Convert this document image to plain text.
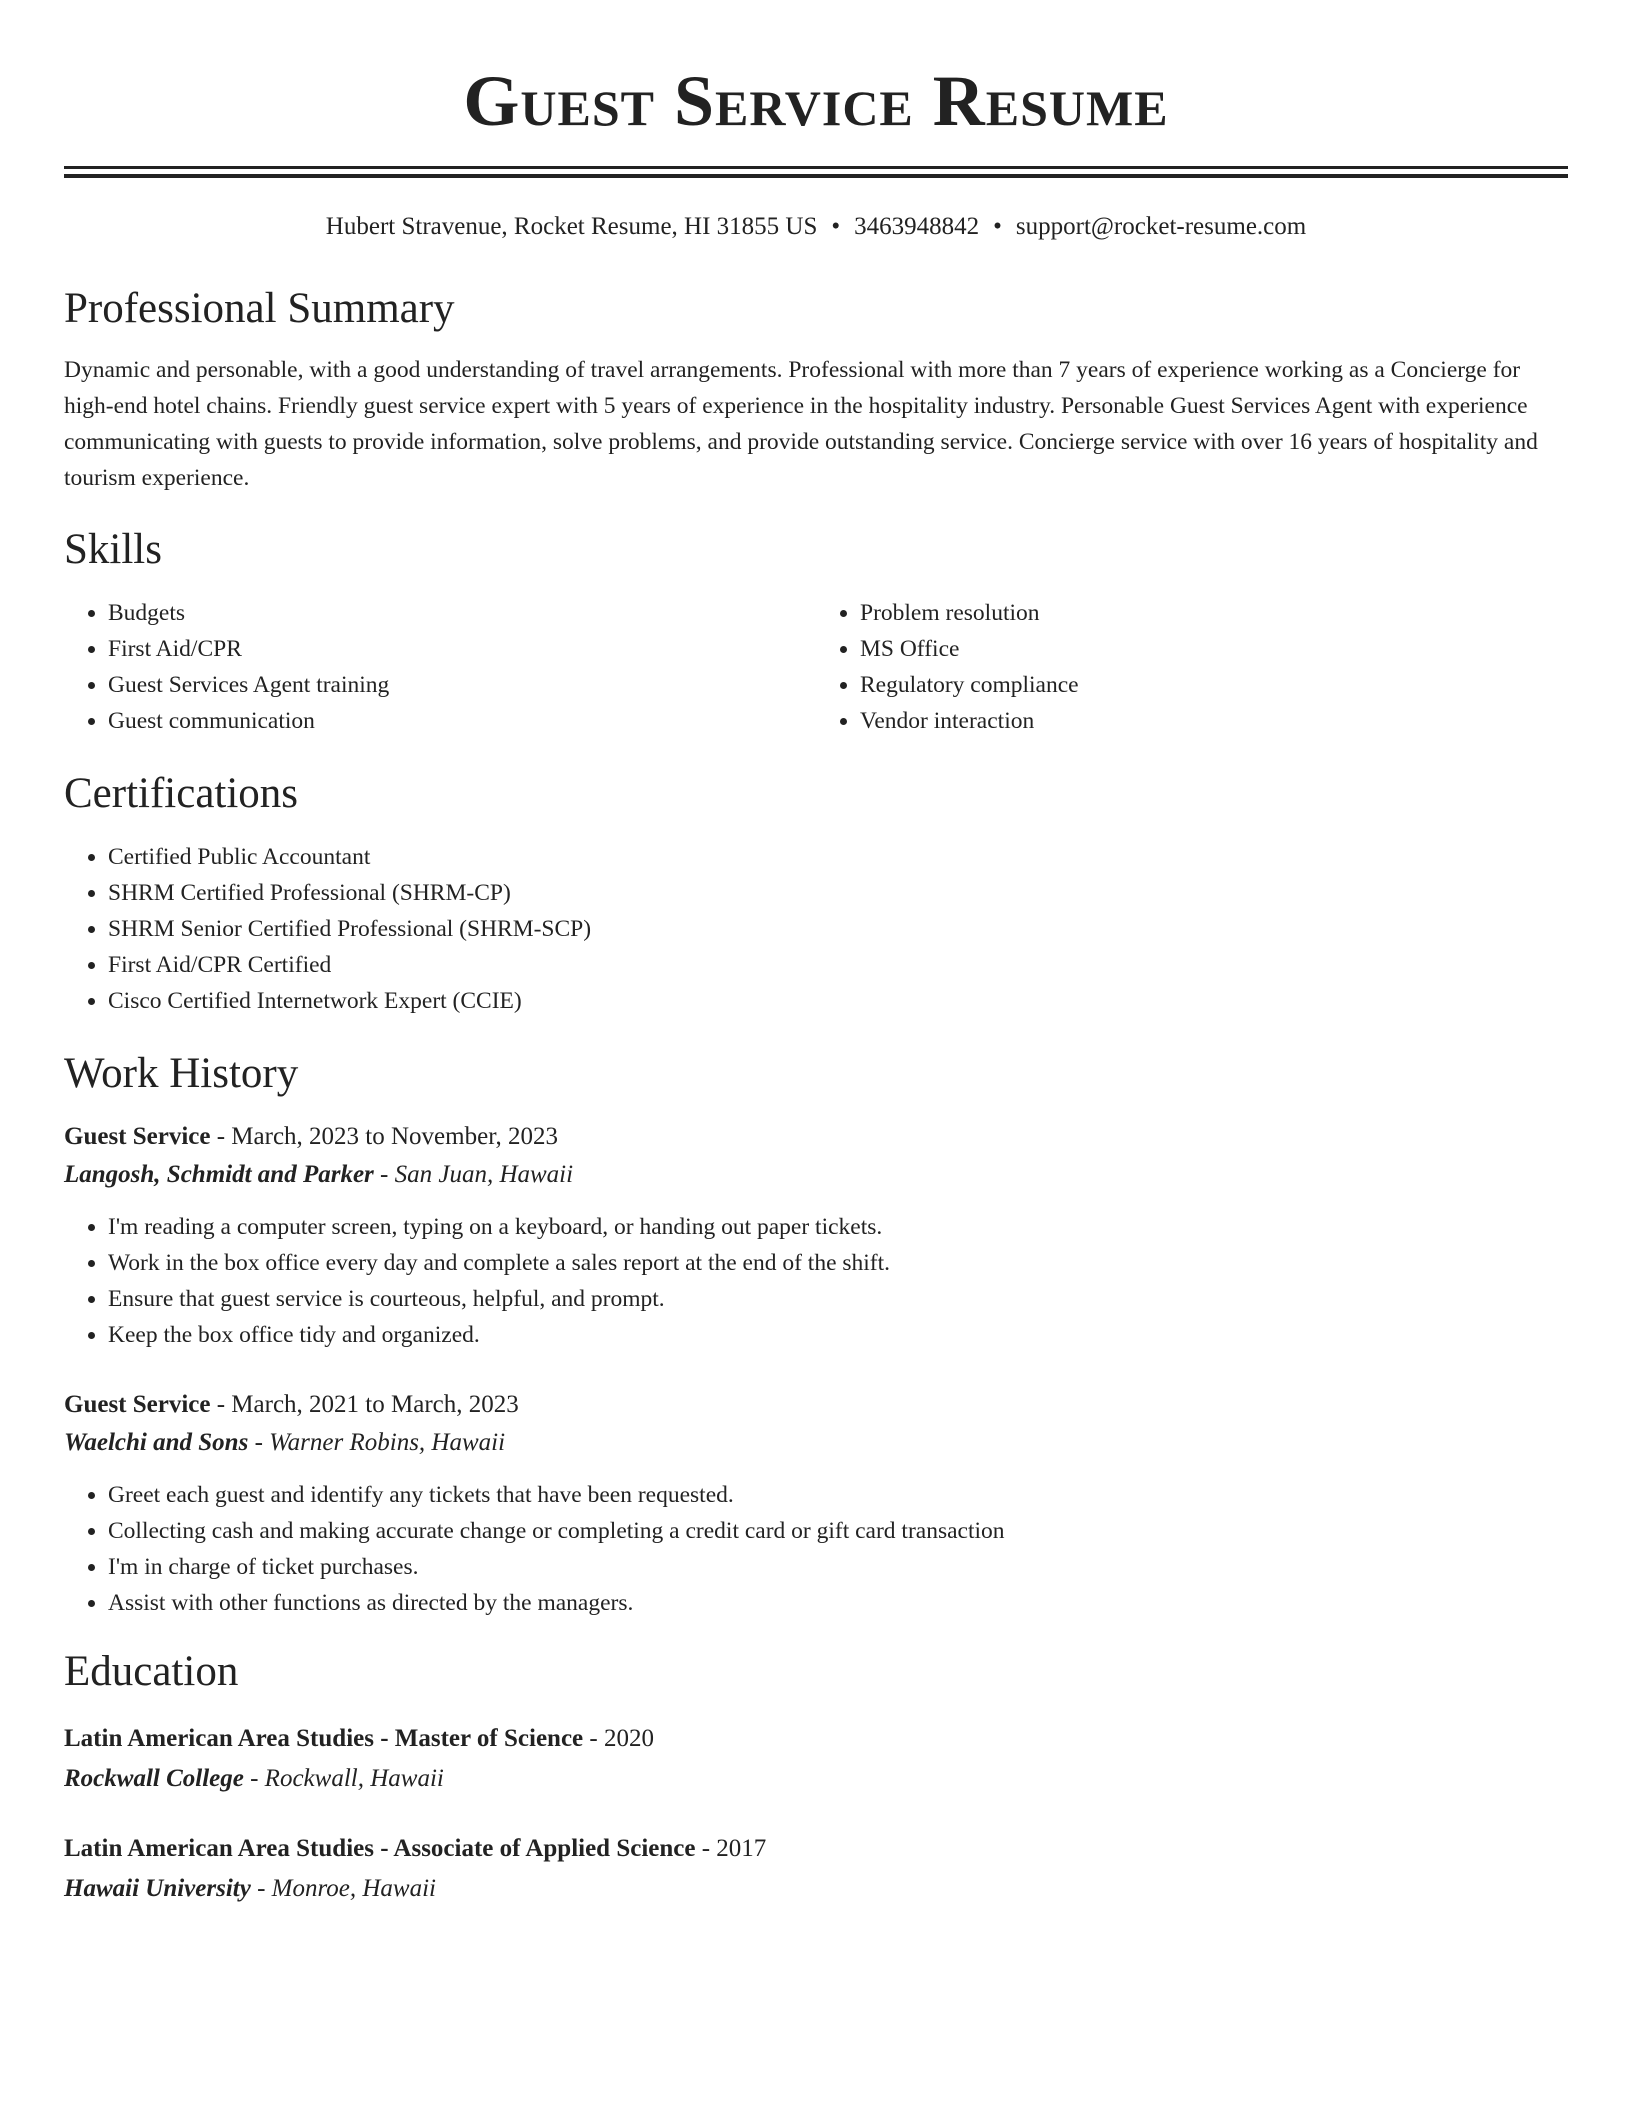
Guest Service Resume
Hubert Stravenue, Rocket Resume, HI 31855 US • 3463948842 • support@rocket-resume.com
Professional Summary

Dynamic and personable, with a good understanding of travel arrangements. Professional with more than 7 years of experience working as a Concierge for high-end hotel chains. Friendly guest service expert with 5 years of experience in the hospitality industry. Personable Guest Services Agent with experience communicating with guests to provide information, solve problems, and provide outstanding service. Concierge service with over 16 years of hospitality and tourism experience.

Skills
• Budgets
• First Aid/CPR
• Guest Services Agent training
• Guest communication
• Problem resolution
• MS Office
• Regulatory compliance
• Vendor interaction
Certifications
• Certified Public Accountant
• SHRM Certified Professional (SHRM-CP)
• SHRM Senior Certified Professional (SHRM-SCP)
• First Aid/CPR Certified
• Cisco Certified Internetwork Expert (CCIE)
Work History
Guest Service - March, 2023 to November, 2023
Langosh, Schmidt and Parker - San Juan, Hawaii
• I'm reading a computer screen, typing on a keyboard, or handing out paper tickets.
• Work in the box office every day and complete a sales report at the end of the shift.
• Ensure that guest service is courteous, helpful, and prompt.
• Keep the box office tidy and organized.
Guest Service - March, 2021 to March, 2023
Waelchi and Sons - Warner Robins, Hawaii
• Greet each guest and identify any tickets that have been requested.
• Collecting cash and making accurate change or completing a credit card or gift card transaction
• I'm in charge of ticket purchases.
• Assist with other functions as directed by the managers.
Education
Latin American Area Studies - Master of Science - 2020
Rockwall College - Rockwall, Hawaii
Latin American Area Studies - Associate of Applied Science - 2017
Hawaii University - Monroe, Hawaii
